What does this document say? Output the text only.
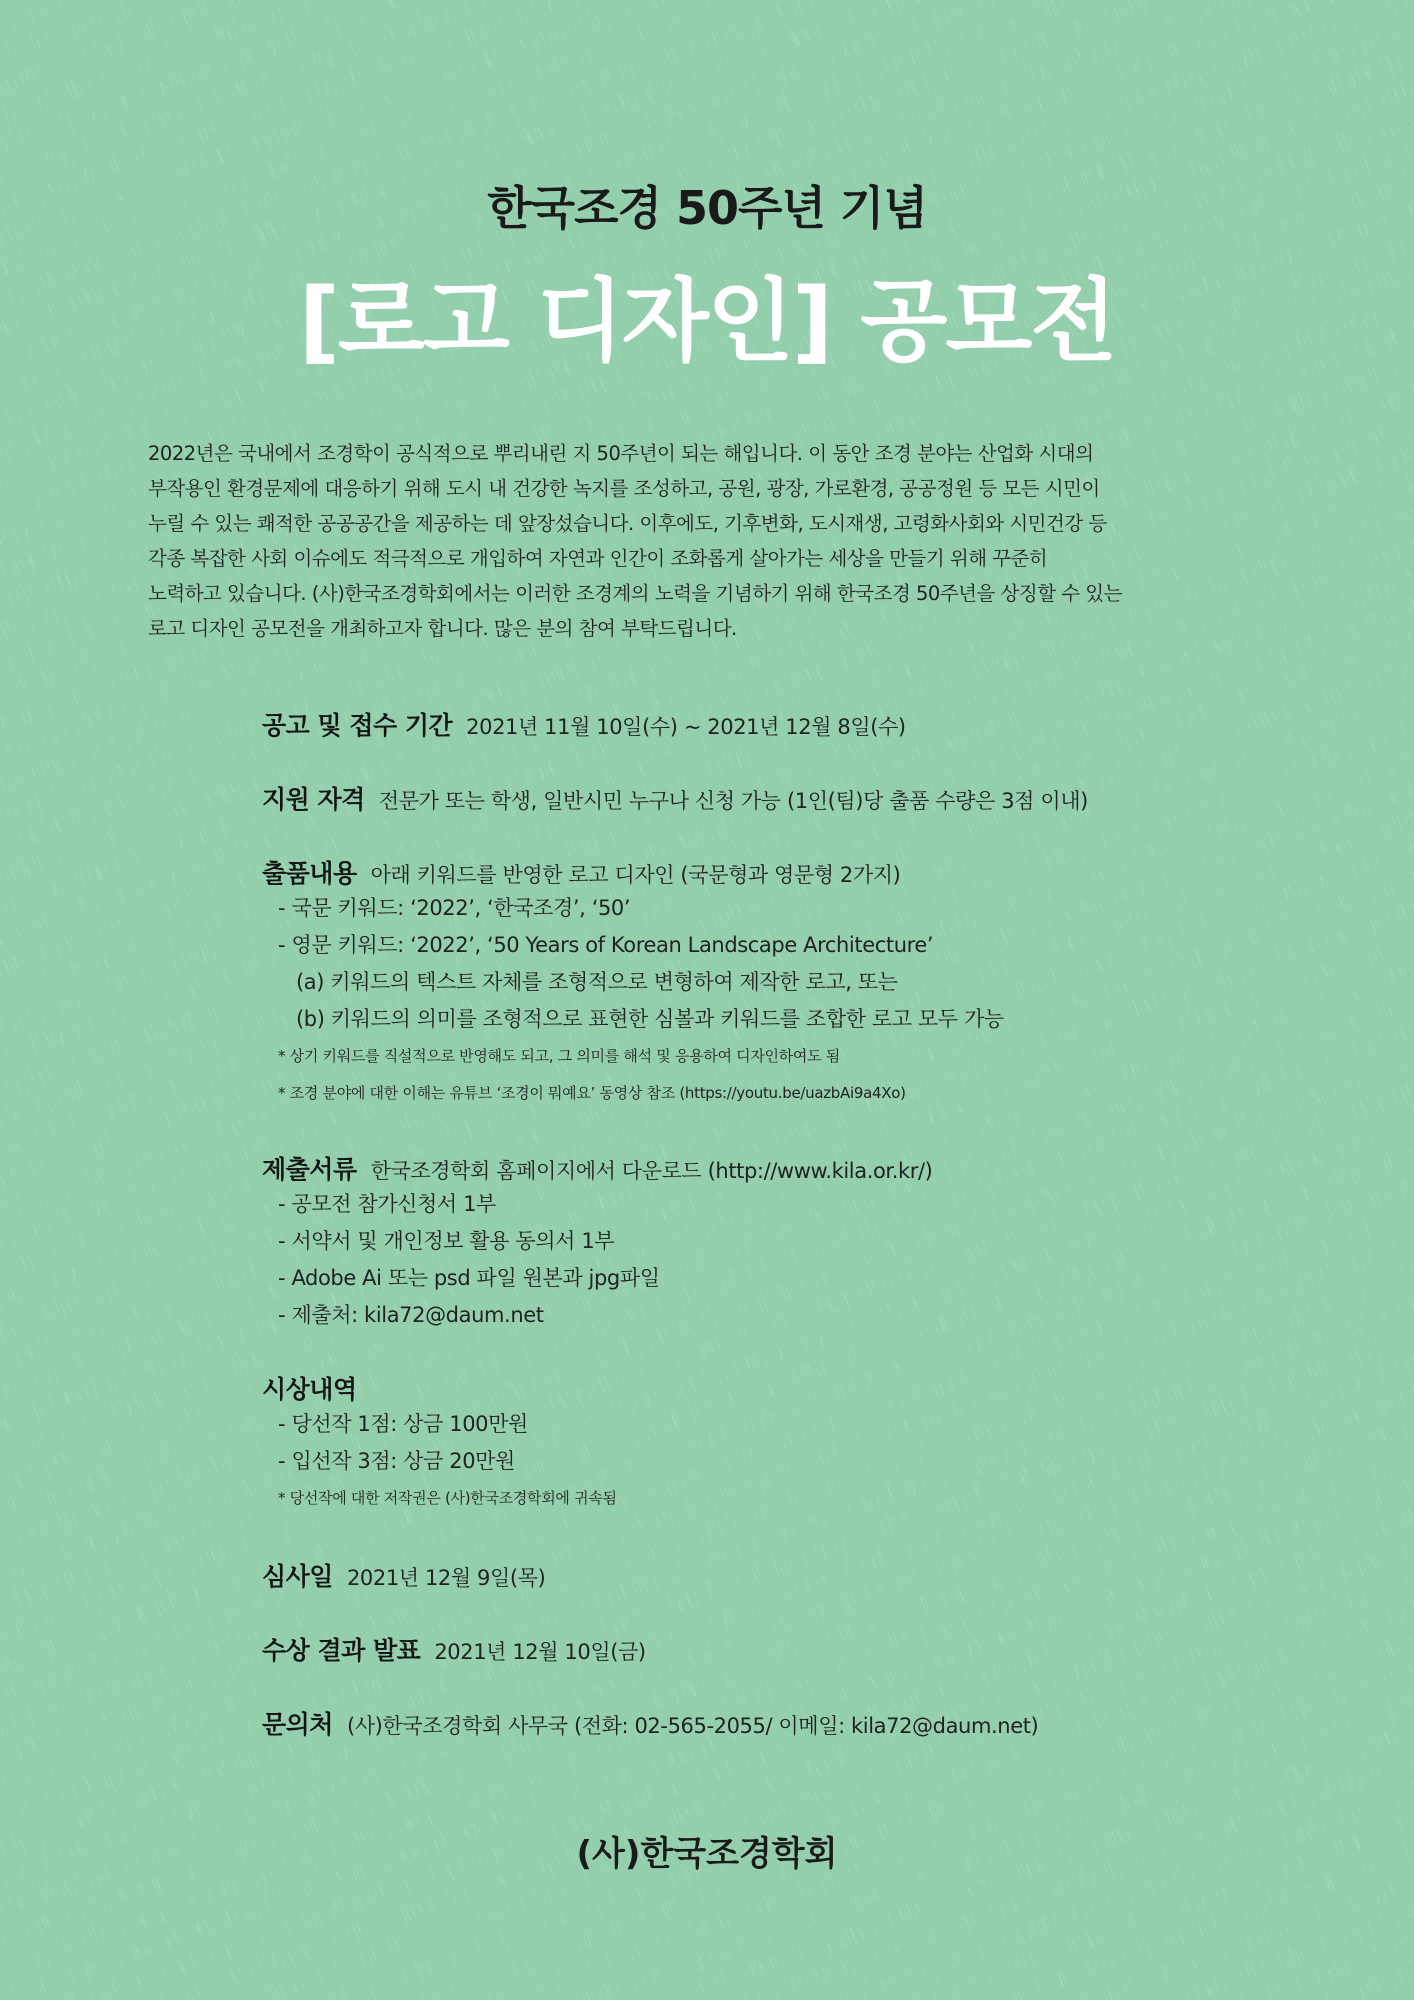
한국조경 50주년 기념
[로고 디자인] 공모전
2022년은 국내에서 조경학이 공식적으로 뿌리내린 지 50주년이 되는 해입니다. 이 동안 조경 분야는 산업화 시대의
부작용인 환경문제에 대응하기 위해 도시 내 건강한 녹지를 조성하고, 공원, 광장, 가로환경, 공공정원 등 모든 시민이
누릴 수 있는 쾌적한 공공공간을 제공하는 데 앞장섰습니다. 이후에도, 기후변화, 도시재생, 고령화사회와 시민건강 등
각종 복잡한 사회 이슈에도 적극적으로 개입하여 자연과 인간이 조화롭게 살아가는 세상을 만들기 위해 꾸준히
노력하고 있습니다. (사)한국조경학회에서는 이러한 조경계의 노력을 기념하기 위해 한국조경 50주년을 상징할 수 있는
로고 디자인 공모전을 개최하고자 합니다. 많은 분의 참여 부탁드립니다.
공고 및 접수 기간 2021년 11월 10일(수) ~ 2021년 12월 8일(수)
지원 자격 전문가 또는 학생, 일반시민 누구나 신청 가능 (1인(팀)당 출품 수량은 3점 이내)
출품내용 아래 키워드를 반영한 로고 디자인 (국문형과 영문형 2가지)
- 국문 키워드: ‘2022’, ‘한국조경’, ‘50’
- 영문 키워드: ‘2022’, ‘50 Years of Korean Landscape Architecture’
(a) 키워드의 텍스트 자체를 조형적으로 변형하여 제작한 로고, 또는
(b) 키워드의 의미를 조형적으로 표현한 심볼과 키워드를 조합한 로고 모두 가능
* 상기 키워드를 직설적으로 반영해도 되고, 그 의미를 해석 및 응용하여 디자인하여도 됨
* 조경 분야에 대한 이해는 유튜브 ‘조경이 뭐예요’ 동영상 참조 (https://youtu.be/uazbAi9a4Xo)
제출서류 한국조경학회 홈페이지에서 다운로드 (http://www.kila.or.kr/)
- 공모전 참가신청서 1부
- 서약서 및 개인정보 활용 동의서 1부
- Adobe Ai 또는 psd 파일 원본과 jpg파일
- 제출처: kila72@daum.net
시상내역
- 당선작 1점: 상금 100만원
- 입선작 3점: 상금 20만원
* 당선작에 대한 저작권은 (사)한국조경학회에 귀속됨
심사일 2021년 12월 9일(목)
수상 결과 발표 2021년 12월 10일(금)
문의처 (사)한국조경학회 사무국 (전화: 02-565-2055/ 이메일: kila72@daum.net)
(사)한국조경학회
